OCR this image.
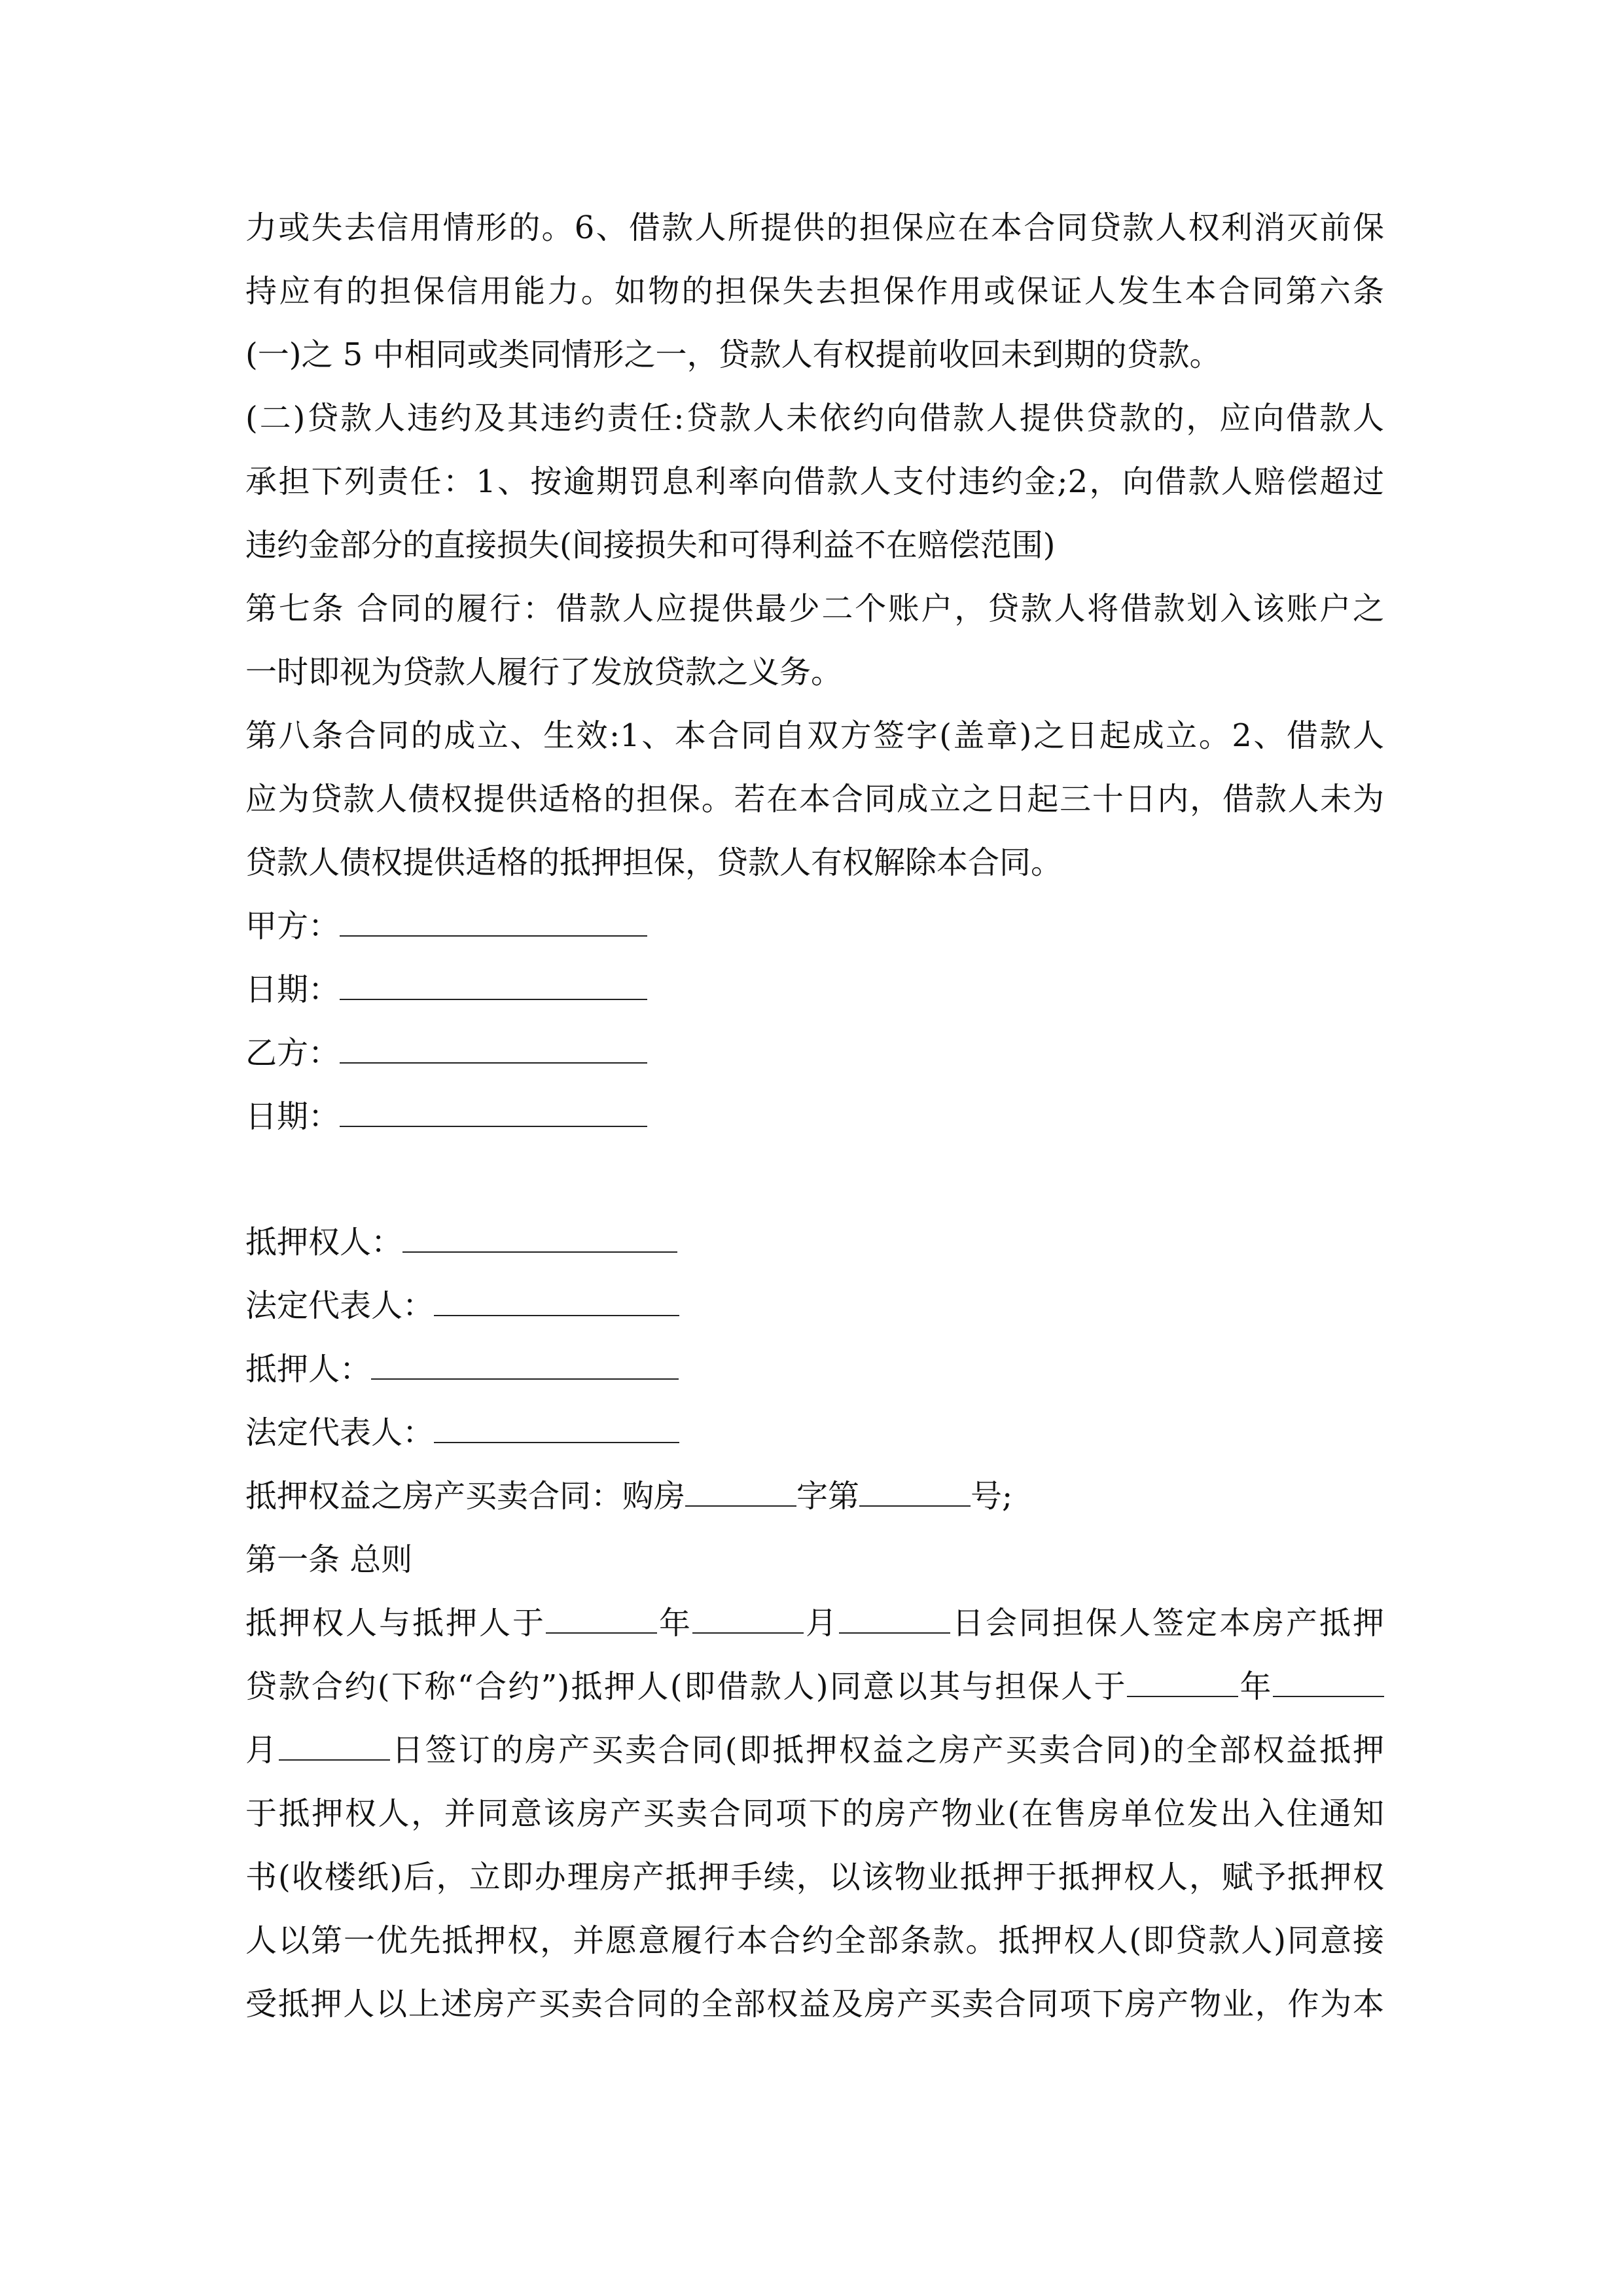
力或失去信用情形的。6、借款人所提供的担保应在本合同贷款人权利消灭前保
持应有的担保信用能力。如物的担保失去担保作用或保证人发生本合同第六条
(一)之 5 中相同或类同情形之一，贷款人有权提前收回未到期的贷款。
(二)贷款人违约及其违约责任:贷款人未依约向借款人提供贷款的，应向借款人
承担下列责任：1、按逾期罚息利率向借款人支付违约金;2，向借款人赔偿超过
违约金部分的直接损失(间接损失和可得利益不在赔偿范围)
第七条 合同的履行：借款人应提供最少二个账户，贷款人将借款划入该账户之
一时即视为贷款人履行了发放贷款之义务。
第八条合同的成立、生效:1、本合同自双方签字(盖章)之日起成立。2、借款人
应为贷款人债权提供适格的担保。若在本合同成立之日起三十日内，借款人未为
贷款人债权提供适格的抵押担保，贷款人有权解除本合同。
甲方：
日期：
乙方：
日期：
抵押权人：
法定代表人：
抵押人：
法定代表人：
抵押权益之房产买卖合同：购房	字第	号;
第一条 总则
抵押权人与抵押人于	年	月	日会同担保人签定本房产抵押
贷款合约(下称“合约”)抵押人(即借款人)同意以其与担保人于	年
月	日签订的房产买卖合同(即抵押权益之房产买卖合同)的全部权益抵押
于抵押权人，并同意该房产买卖合同项下的房产物业(在售房单位发出入住通知
书(收楼纸)后，立即办理房产抵押手续，以该物业抵押于抵押权人，赋予抵押权
人以第一优先抵押权，并愿意履行本合约全部条款。抵押权人(即贷款人)同意接
受抵押人以上述房产买卖合同的全部权益及房产买卖合同项下房产物业，作为本
